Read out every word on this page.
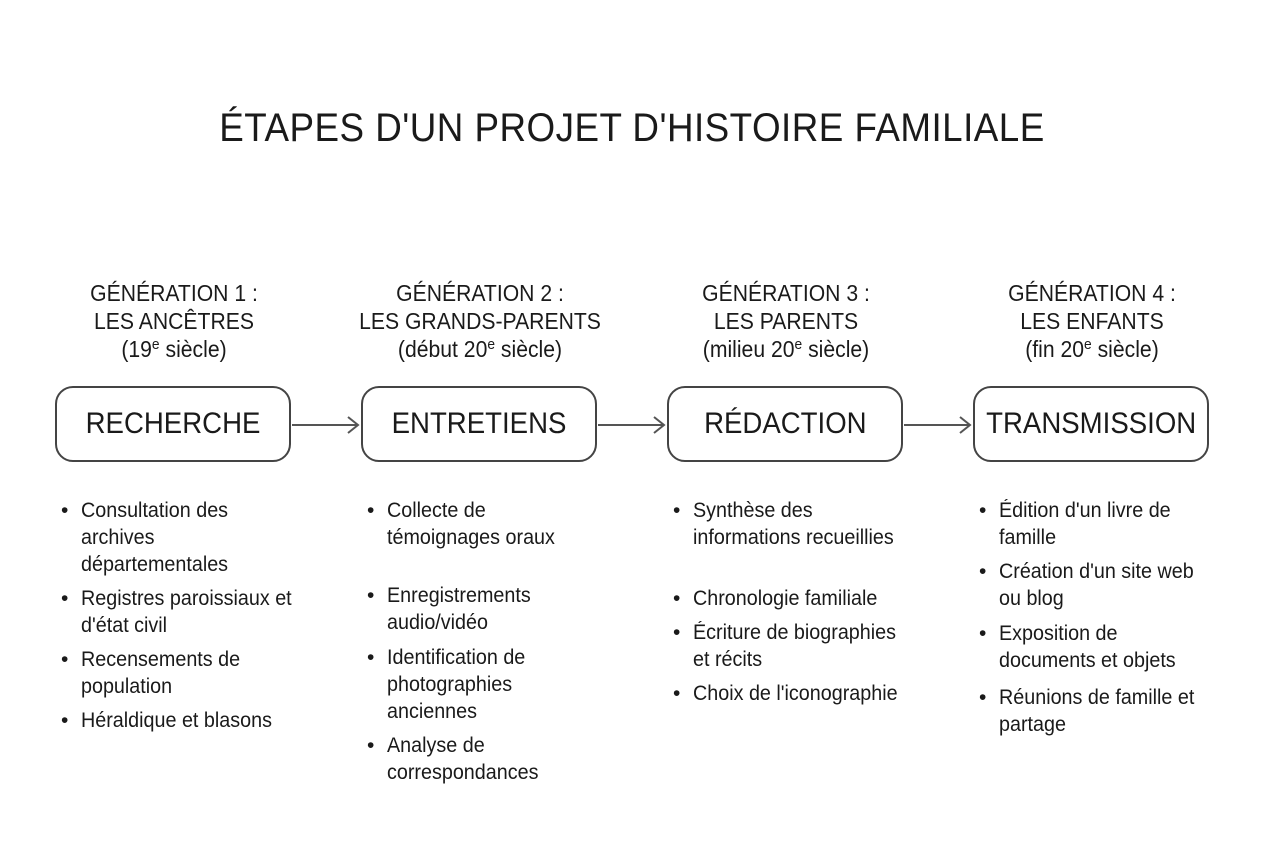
ÉTAPES D'UN PROJET D'HISTOIRE FAMILIALE
GÉNÉRATION 1 :
LES ANCÊTRES
(19e siècle)
GÉNÉRATION 2 :
LES GRANDS-PARENTS
(début 20e siècle)
GÉNÉRATION 3 :
LES PARENTS
(milieu 20e siècle)
GÉNÉRATION 4 :
LES ENFANTS
(fin 20e siècle)
RECHERCHE	ENTRETIENS	RÉDACTION	TRANSMISSION
• Consultation des archives départementales
• Registres paroissiaux et d'état civil
• Recensements de population
• Héraldique et blasons
• Collecte de témoignages oraux
• Enregistrements audio/vidéo
• Identification de photographies anciennes
• Analyse de correspondances
• Synthèse des informations recueillies
• Chronologie familiale
• Écriture de biographies et récits
• Choix de l'iconographie
• Édition d'un livre de famille
• Création d'un site web ou blog
• Exposition de documents et objets
• Réunions de famille et partage
